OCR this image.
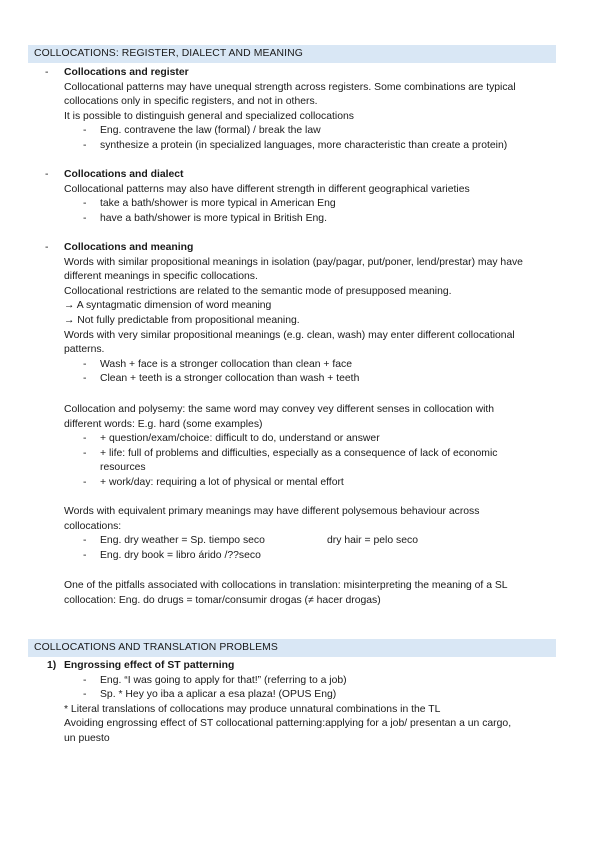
COLLOCATIONS: REGISTER, DIALECT AND MEANING
- Collocations and register
Collocational patterns may have unequal strength across registers. Some combinations are typical
collocations only in specific registers, and not in others.
It is possible to distinguish general and specialized collocations
- Eng. contravene the law (formal) / break the law
- synthesize a protein (in specialized languages, more characteristic than create a protein)
- Collocations and dialect
Collocational patterns may also have different strength in different geographical varieties
- take a bath/shower is more typical in American Eng
- have a bath/shower is more typical in British Eng.
- Collocations and meaning
Words with similar propositional meanings in isolation (pay/pagar, put/poner, lend/prestar) may have
different meanings in specific collocations.
Collocational restrictions are related to the semantic mode of presupposed meaning.
→ A syntagmatic dimension of word meaning
→ Not fully predictable from propositional meaning.
Words with very similar propositional meanings (e.g. clean, wash) may enter different collocational
patterns.
- Wash + face is a stronger collocation than clean + face
- Clean + teeth is a stronger collocation than wash + teeth
Collocation and polysemy: the same word may convey vey different senses in collocation with
different words: E.g. hard (some examples)
- + question/exam/choice: difficult to do, understand or answer
- + life: full of problems and difficulties, especially as a consequence of lack of economic
resources
- + work/day: requiring a lot of physical or mental effort
Words with equivalent primary meanings may have different polysemous behaviour across
collocations:
- Eng. dry weather = Sp. tiempo seco	dry hair = pelo seco
- Eng. dry book = libro árido /??seco
One of the pitfalls associated with collocations in translation: misinterpreting the meaning of a SL
collocation: Eng. do drugs = tomar/consumir drogas (≠ hacer drogas)
COLLOCATIONS AND TRANSLATION PROBLEMS
1) Engrossing effect of ST patterning
- Eng. “I was going to apply for that!” (referring to a job)
- Sp. * Hey yo iba a aplicar a esa plaza! (OPUS Eng)
* Literal translations of collocations may produce unnatural combinations in the TL
Avoiding engrossing effect of ST collocational patterning:applying for a job/ presentan a un cargo,
un puesto
